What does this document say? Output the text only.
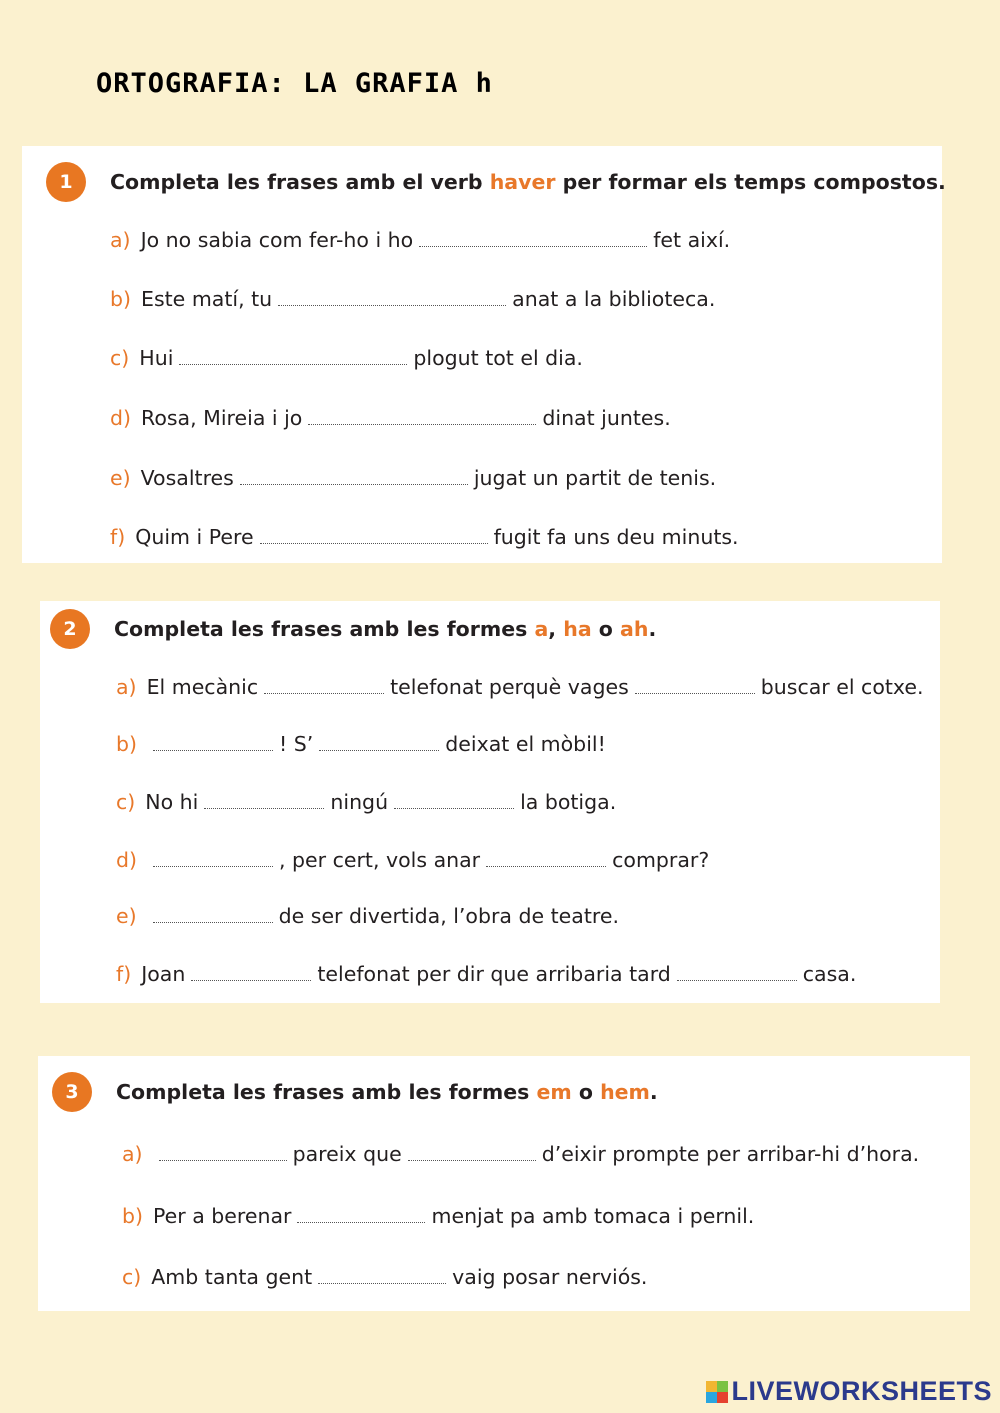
ORTOGRAFIA: LA GRAFIA h
1	Completa les frases amb el verb haver per formar els temps compostos.
a) Jo no sabia com fer-ho i ho	fet així.
b) Este matí, tu	anat a la biblioteca.
c) Hui	plogut tot el dia.
d) Rosa, Mireia i jo	dinat juntes.
e) Vosaltres	jugat un partit de tenis.
f) Quim i Pere	fugit fa uns deu minuts.
2	Completa les frases amb les formes a, ha o ah.
a) El mecànic	telefonat perquè vages	buscar el cotxe.
b)	! S’	deixat el mòbil!
c) No hi	ningú	la botiga.
d)	, per cert, vols anar	comprar?
e)	de ser divertida, l’obra de teatre.
f) Joan	telefonat per dir que arribaria tard	casa.
3	Completa les frases amb les formes em o hem.
a)	pareix que	d’eixir prompte per arribar-hi d’hora.
b) Per a berenar	menjat pa amb tomaca i pernil.
c) Amb tanta gent	vaig posar nerviós.
LIVEWORKSHEETS
